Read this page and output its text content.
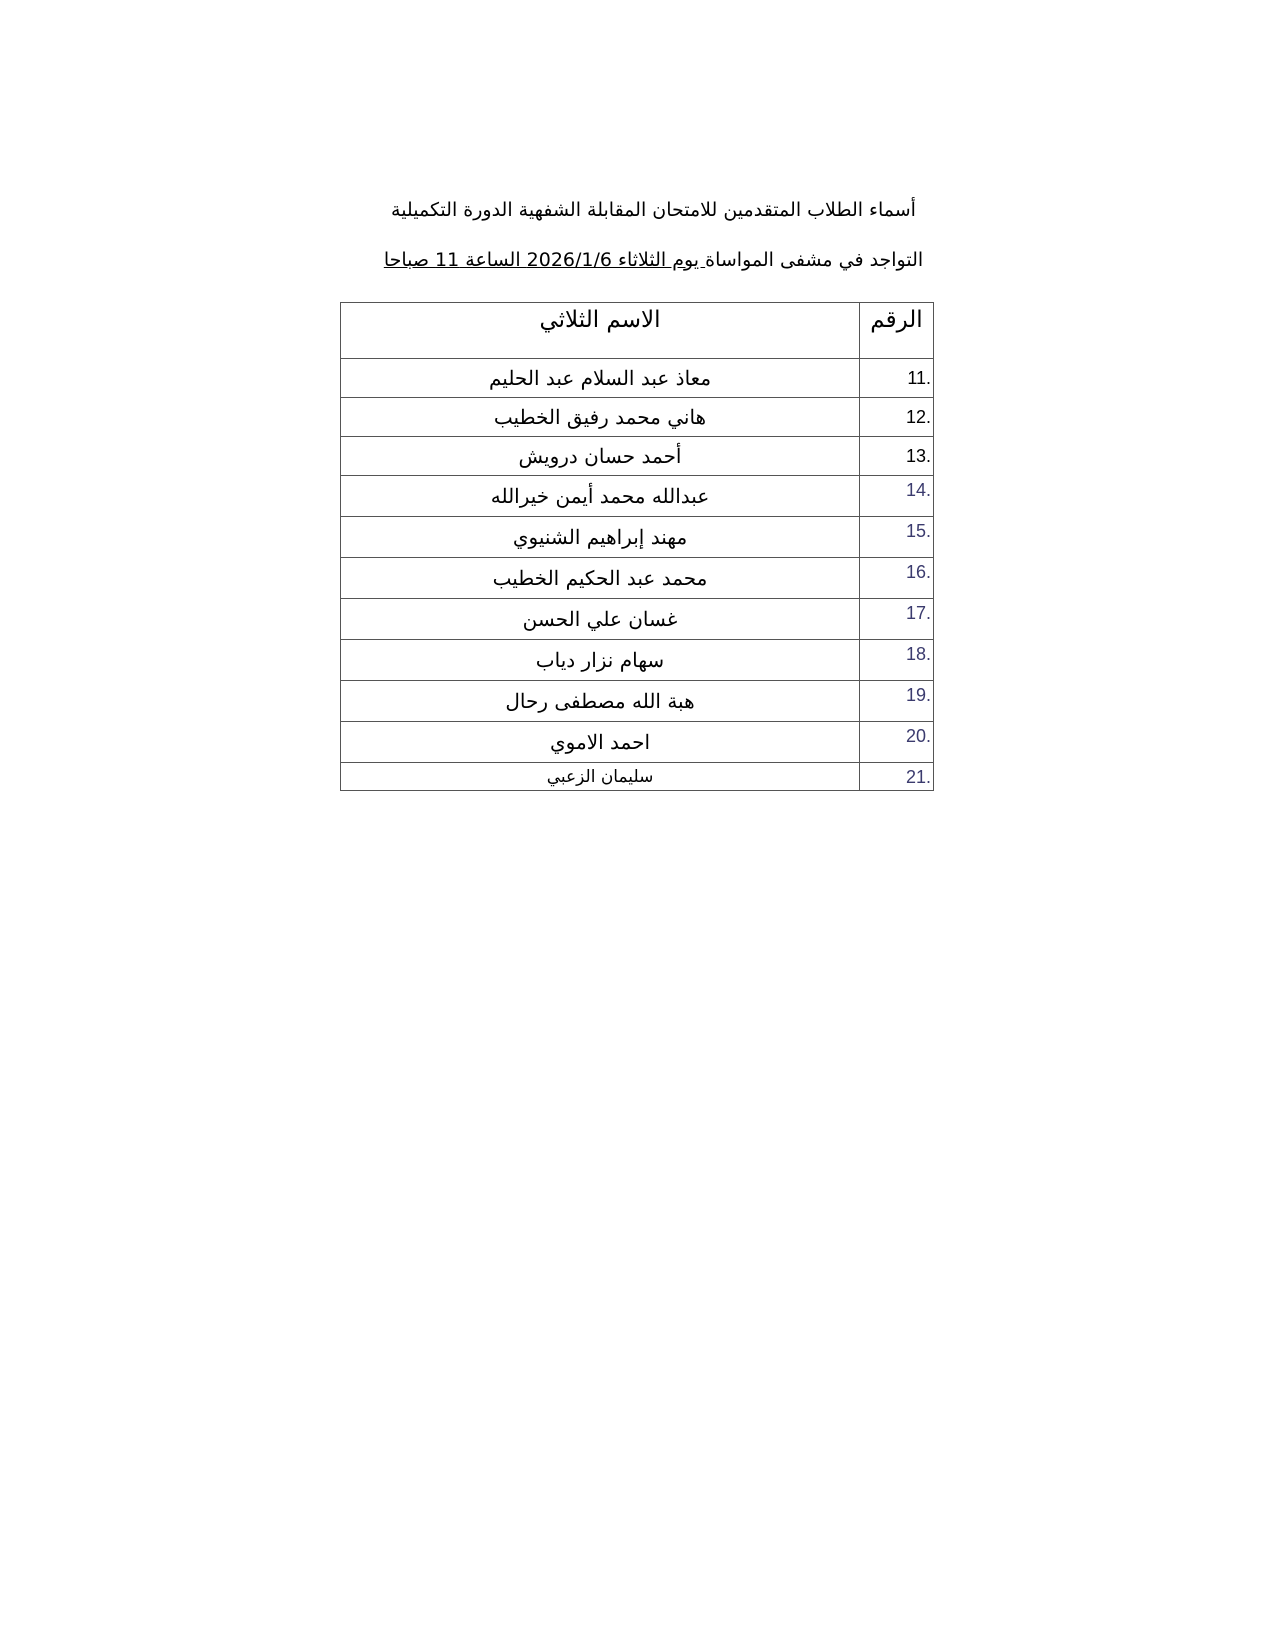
أسماء الطلاب المتقدمين للامتحان المقابلة الشفهية الدورة التكميلية
التواجد في مشفى المواساة يوم الثلاثاء 2026/1/6 الساعة 11 صباحا
الرقم	الاسم الثلاثي
11.	معاذ عبد السلام عبد الحليم
12.	هاني محمد رفيق الخطيب
13.	أحمد حسان درويش
14.	عبدالله محمد أيمن خيرالله
15.	مهند إبراهيم الشنيوي
16.	محمد عبد الحكيم الخطيب
17.	غسان علي الحسن
18.	سهام نزار دياب
19.	هبة الله مصطفى رحال
20.	احمد الاموي
21.	سليمان الزعبي
